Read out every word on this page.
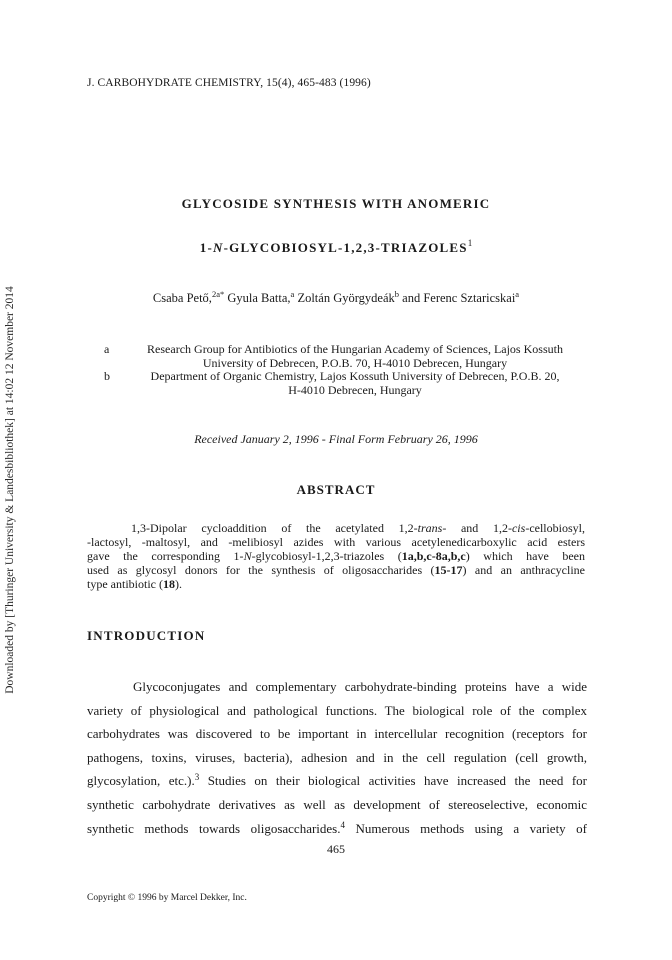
J. CARBOHYDRATE CHEMISTRY, 15(4), 465-483 (1996)
Downloaded by [Thuringer University & Landesbibliothek] at 14:02 12 November 2014
GLYCOSIDE SYNTHESIS WITH ANOMERIC
1-N-GLYCOBIOSYL-1,2,3-TRIAZOLES$^1$
Csaba Pető,$^{2a*}$ Gyula Batta,$^a$ Zoltán Györgydeák$^b$ and Ferenc Sztaricskai$^a$
a	Research Group for Antibiotics of the Hungarian Academy of Sciences, Lajos Kossuth
University of Debrecen, P.O.B. 70, H-4010 Debrecen, Hungary
b	Department of Organic Chemistry, Lajos Kossuth University of Debrecen, P.O.B. 20,
H-4010 Debrecen, Hungary
Received January 2, 1996 - Final Form February 26, 1996
ABSTRACT
1,3-Dipolar cycloaddition of the acetylated 1,2-trans- and 1,2-cis-cellobiosyl,
-lactosyl, -maltosyl, and -melibiosyl azides with various acetylenedicarboxylic acid esters
gave the corresponding 1-N-glycobiosyl-1,2,3-triazoles (1a,b,c-8a,b,c) which have been
used as glycosyl donors for the synthesis of oligosaccharides (15-17) and an anthracycline
type antibiotic (18).
INTRODUCTION
Glycoconjugates and complementary carbohydrate-binding proteins have a wide
variety of physiological and pathological functions. The biological role of the complex
carbohydrates was discovered to be important in intercellular recognition (receptors for
pathogens, toxins, viruses, bacteria), adhesion and in the cell regulation (cell growth,
glycosylation, etc.).$^3$ Studies on their biological activities have increased the need for
synthetic carbohydrate derivatives as well as development of stereoselective, economic
synthetic methods towards oligosaccharides.$^4$ Numerous methods using a variety of
465
Copyright © 1996 by Marcel Dekker, Inc.
